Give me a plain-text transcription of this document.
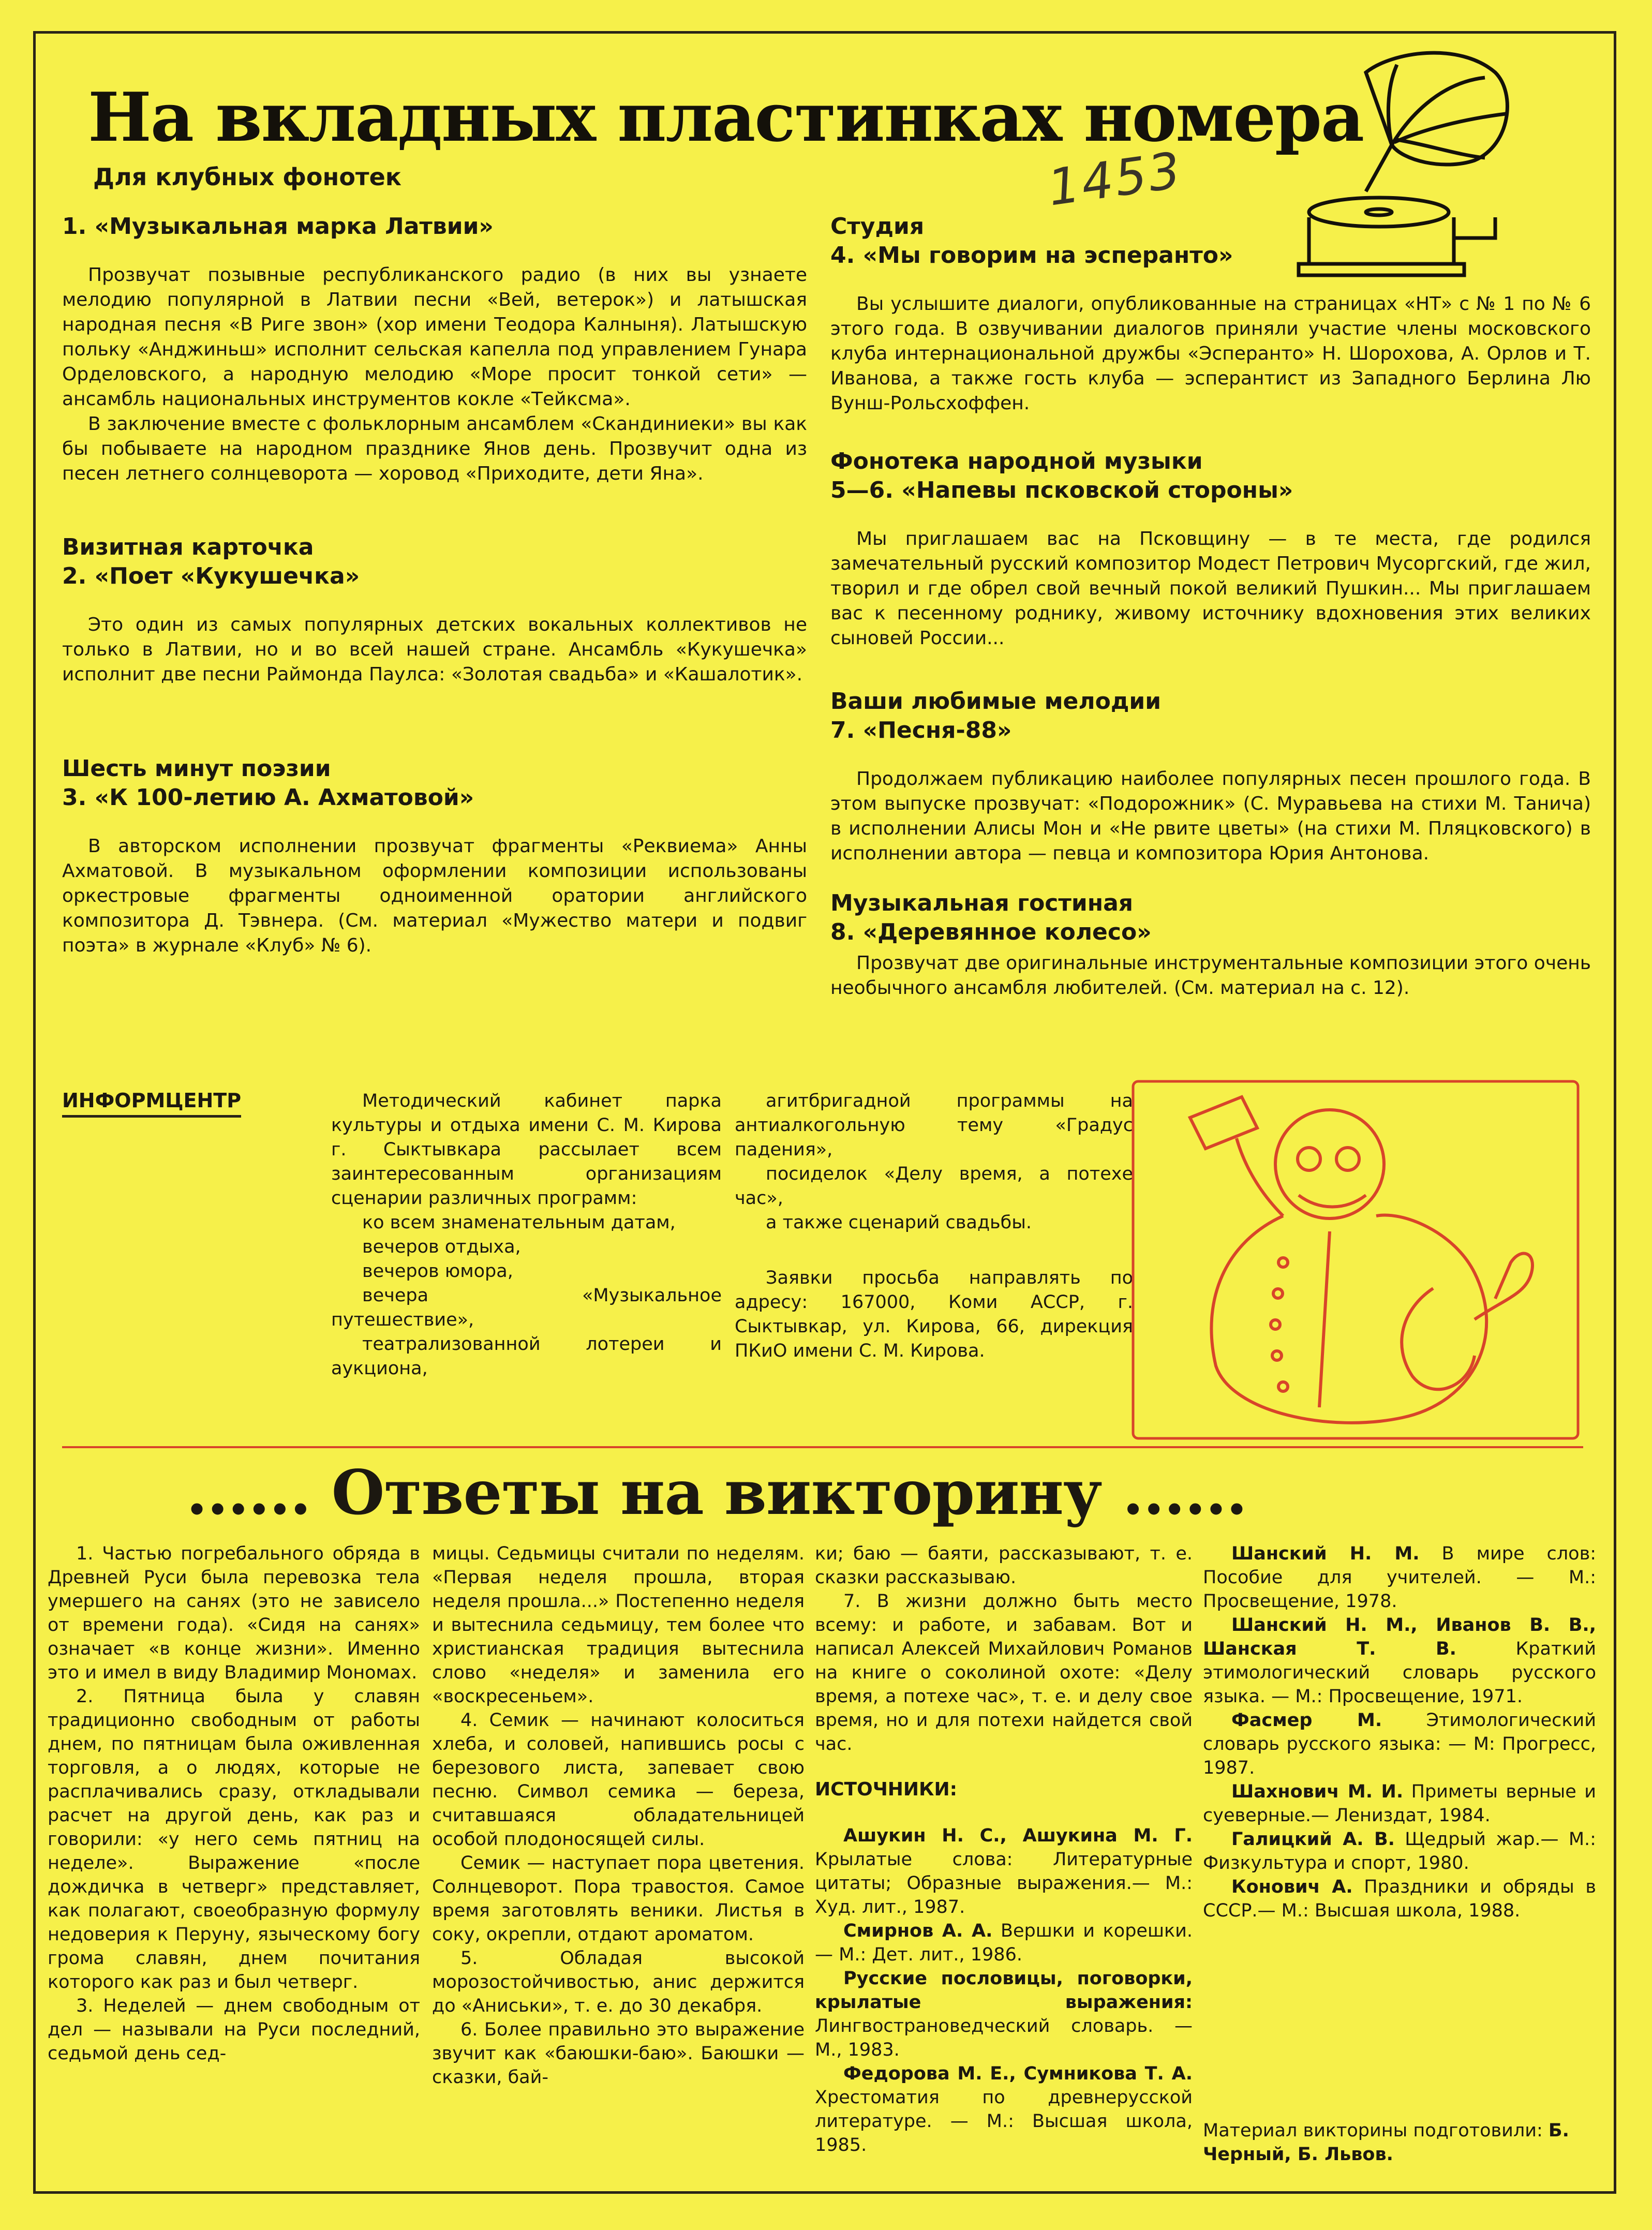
На вкладных пластинках номера
Для клубных фонотек	1453
1. «Музыкальная марка Латвии»

Прозвучат позывные республиканского радио (в них вы узнаете мелодию популярной в Латвии песни «Вей, ветерок») и латышская народная песня «В Риге звон» (хор имени Теодора Калныня). Латышскую польку «Анджиньш» исполнит сельская капелла под управлением Гунара Орделовского, а народную мелодию «Море просит тонкой сети» — ансамбль национальных инструментов кокле «Тейксма».

В заключение вместе с фольклорным ансамблем «Скандиниеки» вы как бы побываете на народном празднике Янов день. Прозвучит одна из песен летнего солнцеворота — хоровод «Приходите, дети Яна».

Визитная карточка
2. «Поет «Кукушечка»

Это один из самых популярных детских вокальных коллективов не только в Латвии, но и во всей нашей стране. Ансамбль «Кукушечка» исполнит две песни Раймонда Паулса: «Золотая свадьба» и «Кашалотик».

Шесть минут поэзии
3. «К 100-летию А. Ахматовой»

В авторском исполнении прозвучат фрагменты «Реквиема» Анны Ахматовой. В музыкальном оформлении композиции использованы оркестровые фрагменты одноименной оратории английского композитора Д. Тэвнера. (См. материал «Мужество матери и подвиг поэта» в журнале «Клуб» № 6).

Студия
4. «Мы говорим на эсперанто»

Вы услышите диалоги, опубликованные на страницах «НТ» с № 1 по № 6 этого года. В озвучивании диалогов приняли участие члены московского клуба интернациональной дружбы «Эсперанто» Н. Шорохова, А. Орлов и Т. Иванова, а также гость клуба — эсперантист из Западного Берлина Лю Вунш-Рольсхоффен.

Фонотека народной музыки
5—6. «Напевы псковской стороны»

Мы приглашаем вас на Псковщину — в те места, где родился замечательный русский композитор Модест Петрович Мусоргский, где жил, творил и где обрел свой вечный покой великий Пушкин... Мы приглашаем вас к песенному роднику, живому источнику вдохновения этих великих сыновей России...

Ваши любимые мелодии
7. «Песня-88»

Продолжаем публикацию наиболее популярных песен прошлого года. В этом выпуске прозвучат: «Подорожник» (С. Муравьева на стихи М. Танича) в исполнении Алисы Мон и «Не рвите цветы» (на стихи М. Пляцковского) в исполнении автора — певца и композитора Юрия Антонова.

Музыкальная гостиная
8. «Деревянное колесо»

Прозвучат две оригинальные инструментальные композиции этого очень необычного ансамбля любителей. (См. материал на с. 12).

ИНФОРМЦЕНТР	Методический кабинет парка культуры и отдыха имени С. М. Кирова г. Сыктывкара рассылает всем заинтересованным организациям сценарии различных программ:

ко всем знаменательным датам,

вечеров отдыха,

вечеров юмора,

вечера «Музыкальное путешествие»,

театрализованной лотереи и аукциона,

агитбригадной программы на антиалкогольную тему «Градус падения»,

посиделок «Делу время, а потехе час»,

а также сценарий свадьбы.

Заявки просьба направлять по адресу: 167000, Коми АССР, г. Сыктывкар, ул. Кирова, 66, дирекция ПКиО имени С. М. Кирова.

...... Ответы на викторину ......

1. Частью погребального обряда в Древней Руси была перевозка тела умершего на санях (это не зависело от времени года). «Сидя на санях» означает «в конце жизни». Именно это и имел в виду Владимир Мономах.

2. Пятница была у славян традиционно свободным от работы днем, по пятницам была оживленная торговля, а о людях, которые не расплачивались сразу, откладывали расчет на другой день, как раз и говорили: «у него семь пятниц на неделе». Выражение «после дождичка в четверг» представляет, как полагают, своеобразную формулу недоверия к Перуну, языческому богу грома славян, днем почитания которого как раз и был четверг.

3. Неделей — днем свободным от дел — называли на Руси последний, седьмой день сед-

мицы. Седьмицы считали по неделям. «Первая неделя прошла, вторая неделя прошла...» Постепенно неделя и вытеснила седьмицу, тем более что христианская традиция вытеснила слово «неделя» и заменила его «воскресеньем».

4. Семик — начинают колоситься хлеба, и соловей, напившись росы с березового листа, запевает свою песню. Символ семика — береза, считавшаяся обладательницей особой плодоносящей силы.

Семик — наступает пора цветения. Солнцеворот. Пора травостоя. Самое время заготовлять веники. Листья в соку, окрепли, отдают ароматом.

5. Обладая высокой морозостойчивостью, анис держится до «Аниськи», т. е. до 30 декабря.

6. Более правильно это выражение звучит как «баюшки-баю». Баюшки — сказки, бай-

ки; баю — баяти, рассказывают, т. е. сказки рассказываю.

7. В жизни должно быть место всему: и работе, и забавам. Вот и написал Алексей Михайлович Романов на книге о соколиной охоте: «Делу время, а потехе час», т. е. и делу свое время, но и для потехи найдется свой час.

ИСТОЧНИКИ:

Ашукин Н. С., Ашукина М. Г. Крылатые слова: Литературные цитаты; Образные выражения.— М.: Худ. лит., 1987.

Смирнов А. А. Вершки и корешки.— М.: Дет. лит., 1986.

Русские пословицы, поговорки, крылатые выражения: Лингвострановедческий словарь. — М., 1983.

Федорова М. Е., Сумникова Т. А. Хрестоматия по древнерусской литературе. — М.: Высшая школа, 1985.

Шанский Н. М. В мире слов: Пособие для учителей. — М.: Просвещение, 1978.

Шанский Н. М., Иванов В. В., Шанская Т. В. Краткий этимологический словарь русского языка. — М.: Просвещение, 1971.

Фасмер М. Этимологический словарь русского языка: — М: Прогресс, 1987.

Шахнович М. И. Приметы верные и суеверные.— Лениздат, 1984.

Галицкий А. В. Щедрый жар.— М.: Физкультура и спорт, 1980.

Конович А. Праздники и обряды в СССР.— М.: Высшая школа, 1988.

Материал викторины подготовили: Б. Черный, Б. Львов.
